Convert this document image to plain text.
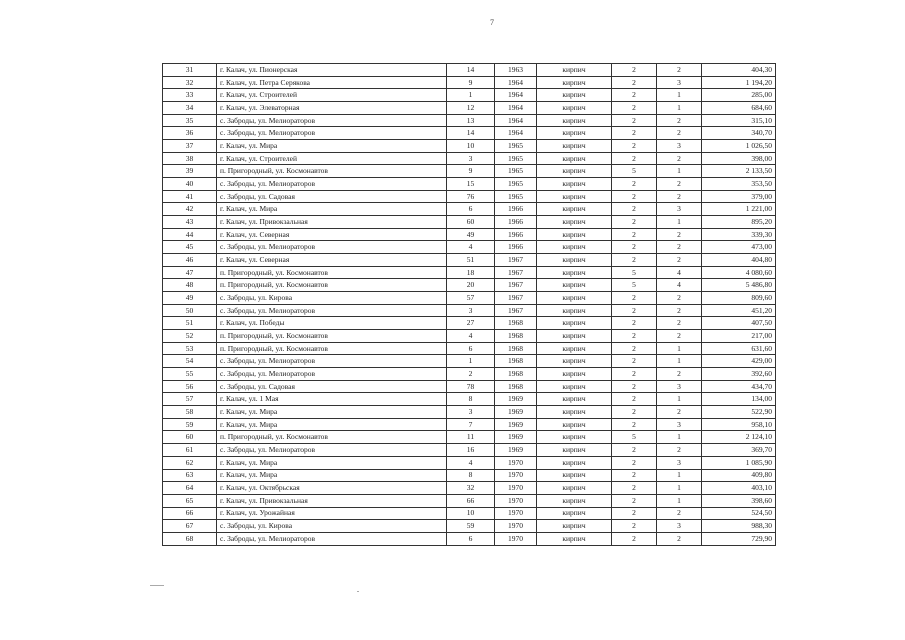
7
31	г. Калач, ул. Пионерская	14	1963	кирпич	2	2	404,30
32	г. Калач, ул. Петра Серякова	9	1964	кирпич	2	3	1 194,20
33	г. Калач, ул. Строителей	1	1964	кирпич	2	1	285,00
34	г. Калач, ул. Элеваторная	12	1964	кирпич	2	1	684,60
35	с. Заброды, ул. Мелиораторов	13	1964	кирпич	2	2	315,10
36	с. Заброды, ул. Мелиораторов	14	1964	кирпич	2	2	340,70
37	г. Калач, ул. Мира	10	1965	кирпич	2	3	1 026,50
38	г. Калач, ул. Строителей	3	1965	кирпич	2	2	398,00
39	п. Пригородный, ул. Космонавтов	9	1965	кирпич	5	1	2 133,50
40	с. Заброды, ул. Мелиораторов	15	1965	кирпич	2	2	353,50
41	с. Заброды, ул. Садовая	76	1965	кирпич	2	2	379,00
42	г. Калач, ул. Мира	6	1966	кирпич	2	3	1 221,00
43	г. Калач, ул. Привокзальная	60	1966	кирпич	2	1	895,20
44	г. Калач, ул. Северная	49	1966	кирпич	2	2	339,30
45	с. Заброды, ул. Мелиораторов	4	1966	кирпич	2	2	473,00
46	г. Калач, ул. Северная	51	1967	кирпич	2	2	404,80
47	п. Пригородный, ул. Космонавтов	18	1967	кирпич	5	4	4 080,60
48	п. Пригородный, ул. Космонавтов	20	1967	кирпич	5	4	5 486,80
49	с. Заброды, ул. Кирова	57	1967	кирпич	2	2	809,60
50	с. Заброды, ул. Мелиораторов	3	1967	кирпич	2	2	451,20
51	г. Калач, ул. Победы	27	1968	кирпич	2	2	407,50
52	п. Пригородный, ул. Космонавтов	4	1968	кирпич	2	2	217,00
53	п. Пригородный, ул. Космонавтов	6	1968	кирпич	2	1	631,60
54	с. Заброды, ул. Мелиораторов	1	1968	кирпич	2	1	429,00
55	с. Заброды, ул. Мелиораторов	2	1968	кирпич	2	2	392,60
56	с. Заброды, ул. Садовая	78	1968	кирпич	2	3	434,70
57	г. Калач, ул. 1 Мая	8	1969	кирпич	2	1	134,00
58	г. Калач, ул. Мира	3	1969	кирпич	2	2	522,90
59	г. Калач, ул. Мира	7	1969	кирпич	2	3	958,10
60	п. Пригородный, ул. Космонавтов	11	1969	кирпич	5	1	2 124,10
61	с. Заброды, ул. Мелиораторов	16	1969	кирпич	2	2	369,70
62	г. Калач, ул. Мира	4	1970	кирпич	2	3	1 085,90
63	г. Калач, ул. Мира	8	1970	кирпич	2	1	409,80
64	г. Калач, ул. Октябрьская	32	1970	кирпич	2	1	403,10
65	г. Калач, ул. Привокзальная	66	1970	кирпич	2	1	398,60
66	г. Калач, ул. Урожайная	10	1970	кирпич	2	2	524,50
67	с. Заброды, ул. Кирова	59	1970	кирпич	2	3	988,30
68	с. Заброды, ул. Мелиораторов	6	1970	кирпич	2	2	729,90
